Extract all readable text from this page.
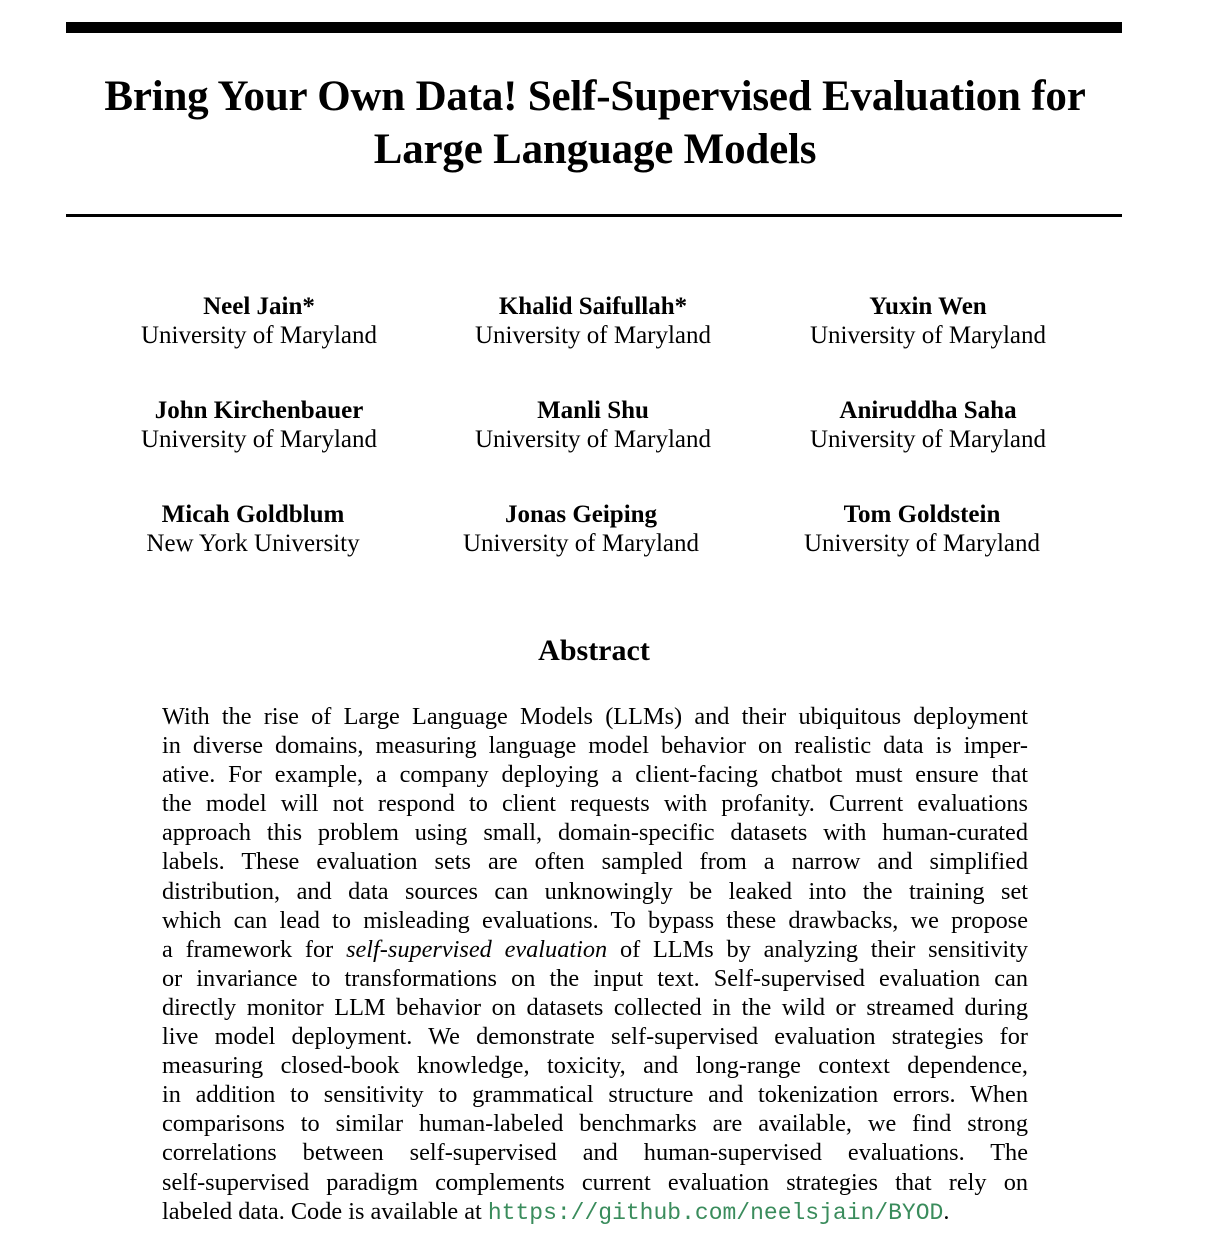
Bring Your Own Data! Self-Supervised Evaluation for
Large Language Models
Neel Jain*
University of Maryland
Khalid Saifullah*
University of Maryland
Yuxin Wen
University of Maryland
John Kirchenbauer
University of Maryland
Manli Shu
University of Maryland
Aniruddha Saha
University of Maryland
Micah Goldblum
New York University
Jonas Geiping
University of Maryland
Tom Goldstein
University of Maryland
Abstract
With the rise of Large Language Models (LLMs) and their ubiquitous deployment
in diverse domains, measuring language model behavior on realistic data is imper-
ative. For example, a company deploying a client-facing chatbot must ensure that
the model will not respond to client requests with profanity. Current evaluations
approach this problem using small, domain-specific datasets with human-curated
labels. These evaluation sets are often sampled from a narrow and simplified
distribution, and data sources can unknowingly be leaked into the training set
which can lead to misleading evaluations. To bypass these drawbacks, we propose
a framework for self-supervised evaluation of LLMs by analyzing their sensitivity
or invariance to transformations on the input text. Self-supervised evaluation can
directly monitor LLM behavior on datasets collected in the wild or streamed during
live model deployment. We demonstrate self-supervised evaluation strategies for
measuring closed-book knowledge, toxicity, and long-range context dependence,
in addition to sensitivity to grammatical structure and tokenization errors. When
comparisons to similar human-labeled benchmarks are available, we find strong
correlations between self-supervised and human-supervised evaluations. The
self-supervised paradigm complements current evaluation strategies that rely on
labeled data. Code is available at https://github.com/neelsjain/BYOD.
